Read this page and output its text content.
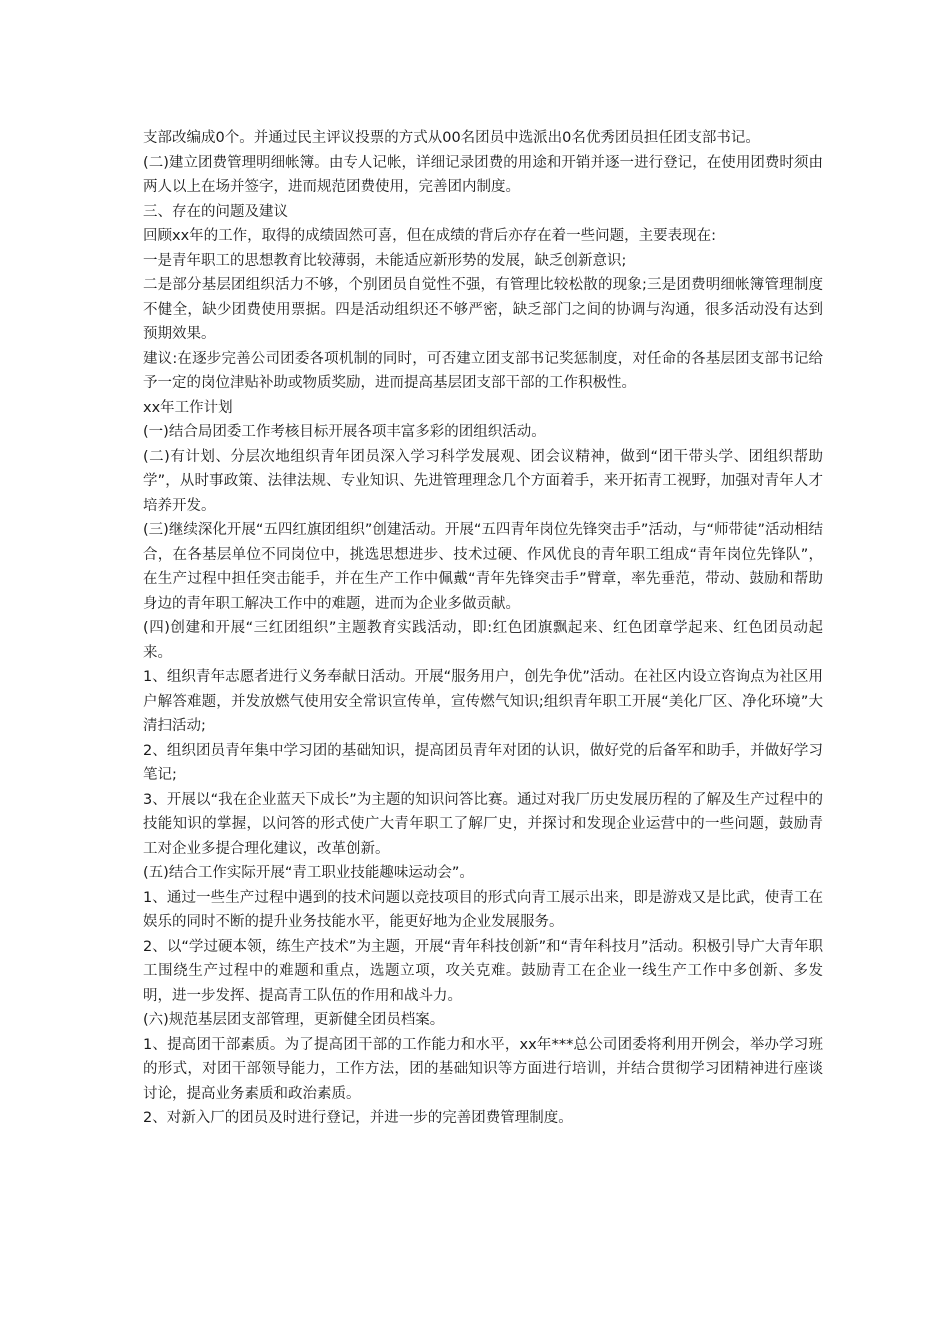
支部改编成0个。并通过民主评议投票的方式从00名团员中选派出0名优秀团员担任团支部书记。

(二)建立团费管理明细帐簿。由专人记帐，详细记录团费的用途和开销并逐一进行登记，在使用团费时须由两人以上在场并签字，进而规范团费使用，完善团内制度。

三、存在的问题及建议

回顾xx年的工作，取得的成绩固然可喜，但在成绩的背后亦存在着一些问题，主要表现在:

一是青年职工的思想教育比较薄弱，未能适应新形势的发展，缺乏创新意识;

二是部分基层团组织活力不够，个别团员自觉性不强，有管理比较松散的现象;三是团费明细帐簿管理制度不健全，缺少团费使用票据。四是活动组织还不够严密，缺乏部门之间的协调与沟通，很多活动没有达到预期效果。

建议:在逐步完善公司团委各项机制的同时，可否建立团支部书记奖惩制度，对任命的各基层团支部书记给予一定的岗位津贴补助或物质奖励，进而提高基层团支部干部的工作积极性。

xx年工作计划

(一)结合局团委工作考核目标开展各项丰富多彩的团组织活动。

(二)有计划、分层次地组织青年团员深入学习科学发展观、团会议精神，做到“团干带头学、团组织帮助学”，从时事政策、法律法规、专业知识、先进管理理念几个方面着手，来开拓青工视野，加强对青年人才培养开发。

(三)继续深化开展“五四红旗团组织”创建活动。开展“五四青年岗位先锋突击手”活动，与“师带徒”活动相结合，在各基层单位不同岗位中，挑选思想进步、技术过硬、作风优良的青年职工组成“青年岗位先锋队”，在生产过程中担任突击能手，并在生产工作中佩戴“青年先锋突击手”臂章，率先垂范，带动、鼓励和帮助身边的青年职工解决工作中的难题，进而为企业多做贡献。

(四)创建和开展“三红团组织”主题教育实践活动，即:红色团旗飘起来、红色团章学起来、红色团员动起来。

1、组织青年志愿者进行义务奉献日活动。开展“服务用户，创先争优”活动。在社区内设立咨询点为社区用户解答难题，并发放燃气使用安全常识宣传单，宣传燃气知识;组织青年职工开展“美化厂区、净化环境”大清扫活动;

2、组织团员青年集中学习团的基础知识，提高团员青年对团的认识，做好党的后备军和助手，并做好学习笔记;

3、开展以“我在企业蓝天下成长”为主题的知识问答比赛。通过对我厂历史发展历程的了解及生产过程中的技能知识的掌握，以问答的形式使广大青年职工了解厂史，并探讨和发现企业运营中的一些问题，鼓励青工对企业多提合理化建议，改革创新。

(五)结合工作实际开展“青工职业技能趣味运动会”。

1、通过一些生产过程中遇到的技术问题以竞技项目的形式向青工展示出来，即是游戏又是比武，使青工在娱乐的同时不断的提升业务技能水平，能更好地为企业发展服务。

2、以“学过硬本领，练生产技术”为主题，开展“青年科技创新”和“青年科技月”活动。积极引导广大青年职工围绕生产过程中的难题和重点，选题立项，攻关克难。鼓励青工在企业一线生产工作中多创新、多发明，进一步发挥、提高青工队伍的作用和战斗力。

(六)规范基层团支部管理，更新健全团员档案。

1、提高团干部素质。为了提高团干部的工作能力和水平，xx年***总公司团委将利用开例会，举办学习班的形式，对团干部领导能力，工作方法，团的基础知识等方面进行培训，并结合贯彻学习团精神进行座谈讨论，提高业务素质和政治素质。

2、对新入厂的团员及时进行登记，并进一步的完善团费管理制度。
